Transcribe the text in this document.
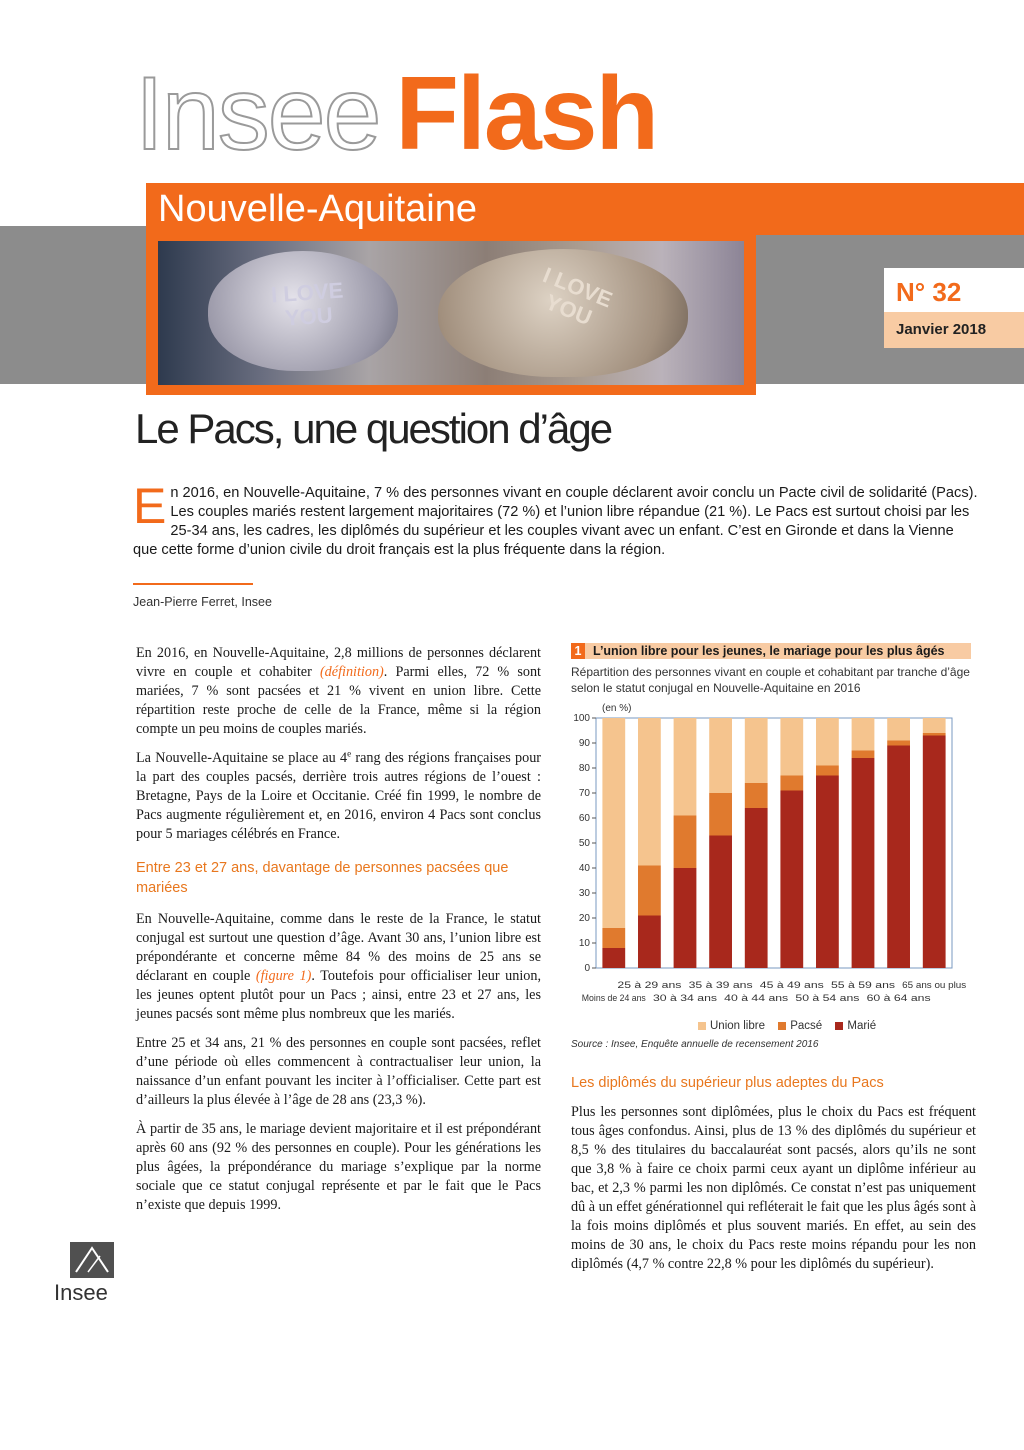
Insee Flash
Nouvelle-Aquitaine
I LOVE YOU
I LOVE YOU	N° 32
Janvier 2018
Le Pacs, une question d’âge
En 2016, en Nouvelle-Aquitaine, 7 % des personnes vivant en couple déclarent avoir conclu un Pacte civil de solidarité (Pacs). Les couples mariés restent largement majoritaires (72 %) et l’union libre répandue (21 %). Le Pacs est surtout choisi par les 25-34 ans, les cadres, les diplômés du supérieur et les couples vivant avec un enfant. C’est en Gironde et dans la Vienne que cette forme d’union civile du droit français est la plus fréquente dans la région.
Jean-Pierre Ferret, Insee

En 2016, en Nouvelle-Aquitaine, 2,8 millions de personnes déclarent vivre en couple et cohabiter (définition). Parmi elles, 72 % sont mariées, 7 % sont pacsées et 21 % vivent en union libre. Cette répartition reste proche de celle de la France, même si la région compte un peu moins de couples mariés.

La Nouvelle-Aquitaine se place au 4e rang des régions françaises pour la part des couples pacsés, derrière trois autres régions de l’ouest : Bretagne, Pays de la Loire et Occitanie. Créé fin 1999, le nombre de Pacs augmente régulièrement et, en 2016, environ 4 Pacs sont conclus pour 5 mariages célébrés en France.

Entre 23 et 27 ans, davantage de personnes pacsées que mariées

En Nouvelle-Aquitaine, comme dans le reste de la France, le statut conjugal est surtout une question d’âge. Avant 30 ans, l’union libre est prépondérante et concerne même 84 % des moins de 25 ans se déclarant en couple (figure 1). Toutefois pour officialiser leur union, les jeunes optent plutôt pour un Pacs ; ainsi, entre 23 et 27 ans, les jeunes pacsés sont même plus nombreux que les mariés.

Entre 25 et 34 ans, 21 % des personnes en couple sont pacsées, reflet d’une période où elles commencent à contractualiser leur union, la naissance d’un enfant pouvant les inciter à l’officialiser. Cette part est d’ailleurs la plus élevée à l’âge de 28 ans (23,3 %).

À partir de 35 ans, le mariage devient majoritaire et il est prépondérant après 60 ans (92 % des personnes en couple). Pour les générations les plus âgées, la prépondérance du mariage s’explique par la norme sociale que ce statut conjugal représente et par le fait que le Pacs n’existe que depuis 1999.

Insee
1 L’union libre pour les jeunes, le mariage pour les plus âgés
Répartition des personnes vivant en couple et cohabitant par tranche d’âge selon le statut conjugal en Nouvelle-Aquitaine en 2016
(en %)
0
10
20
30
40
50
60
70
80
90
100
Moins de 24 ans
25 à 29 ans
30 à 34 ans
35 à 39 ans
40 à 44 ans
45 à 49 ans
50 à 54 ans
55 à 59 ans
60 à 64 ans
65 ans ou plus
Union libre Pacsé Marié
Source : Insee, Enquête annuelle de recensement 2016
Les diplômés du supérieur plus adeptes du Pacs

Plus les personnes sont diplômées, plus le choix du Pacs est fréquent tous âges confondus. Ainsi, plus de 13 % des diplômés du supérieur et 8,5 % des titulaires du baccalauréat sont pacsés, alors qu’ils ne sont que 3,8 % à faire ce choix parmi ceux ayant un diplôme inférieur au bac, et 2,3 % parmi les non diplômés. Ce constat n’est pas uniquement dû à un effet générationnel qui refléterait le fait que les plus âgés sont à la fois moins diplômés et plus souvent mariés. En effet, au sein des moins de 30 ans, le choix du Pacs reste moins répandu pour les non diplômés (4,7 % contre 22,8 % pour les diplômés du supérieur).
